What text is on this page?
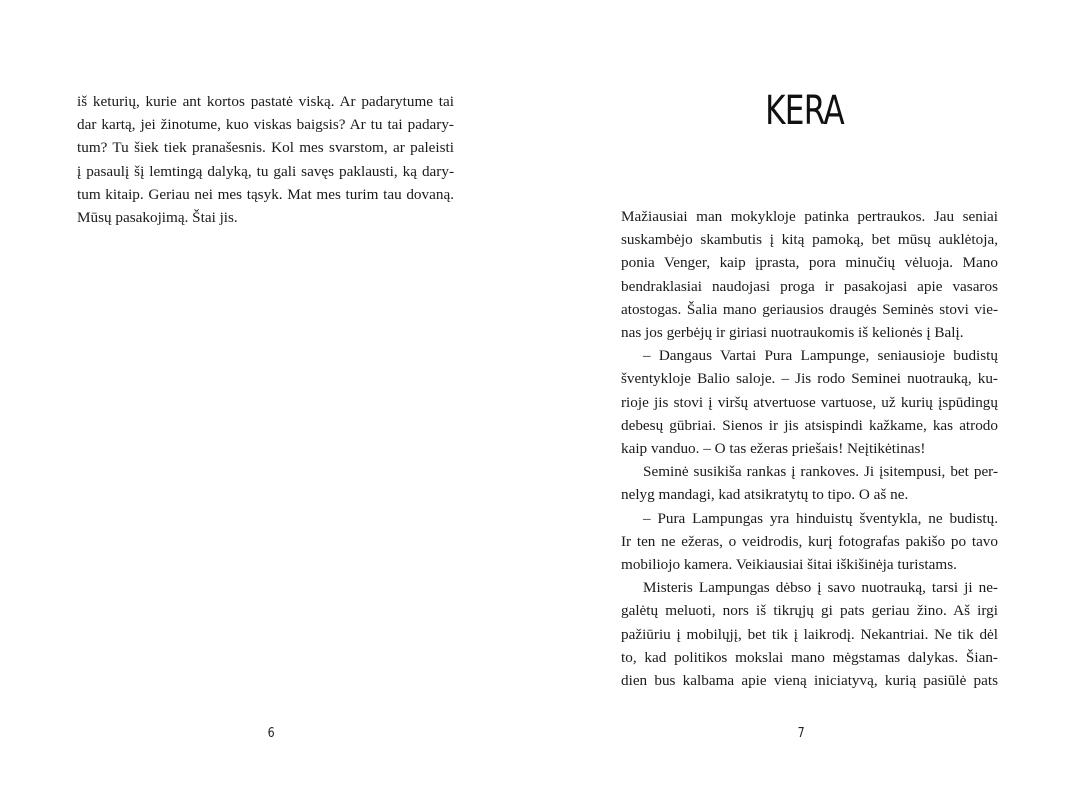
iš keturių, kurie ant kortos pastatė viską. Ar padarytume tai
dar kartą, jei žinotume, kuo viskas baigsis? Ar tu tai padary-
tum? Tu šiek tiek pranašesnis. Kol mes svarstom, ar paleisti
į pasaulį šį lemtingą dalyką, tu gali savęs paklausti, ką dary-
tum kitaip. Geriau nei mes tąsyk. Mat mes turim tau dovaną.
Mūsų pasakojimą. Štai jis.
6
KERA
Mažiausiai man mokykloje patinka pertraukos. Jau seniai
suskambėjo skambutis į kitą pamoką, bet mūsų auklėtoja,
ponia Venger, kaip įprasta, pora minučių vėluoja. Mano
bendraklasiai naudojasi proga ir pasakojasi apie vasaros
atostogas. Šalia mano geriausios draugės Seminės stovi vie-
nas jos gerbėjų ir giriasi nuotraukomis iš kelionės į Balį.
– Dangaus Vartai Pura Lampunge, seniausioje budistų
šventykloje Balio saloje. – Jis rodo Seminei nuotrauką, ku-
rioje jis stovi į viršų atvertuose vartuose, už kurių įspūdingų
debesų gūbriai. Sienos ir jis atsispindi kažkame, kas atrodo
kaip vanduo. – O tas ežeras priešais! Neįtikėtinas!
Seminė susikiša rankas į rankoves. Ji įsitempusi, bet per-
nelyg mandagi, kad atsikratytų to tipo. O aš ne.
– Pura Lampungas yra hinduistų šventykla, ne budistų.
Ir ten ne ežeras, o veidrodis, kurį fotografas pakišo po tavo
mobiliojo kamera. Veikiausiai šitai iškišinėja turistams.
Misteris Lampungas dėbso į savo nuotrauką, tarsi ji ne-
galėtų meluoti, nors iš tikrųjų gi pats geriau žino. Aš irgi
pažiūriu į mobilųjį, bet tik į laikrodį. Nekantriai. Ne tik dėl
to, kad politikos mokslai mano mėgstamas dalykas. Šian-
dien bus kalbama apie vieną iniciatyvą, kurią pasiūlė pats
7
